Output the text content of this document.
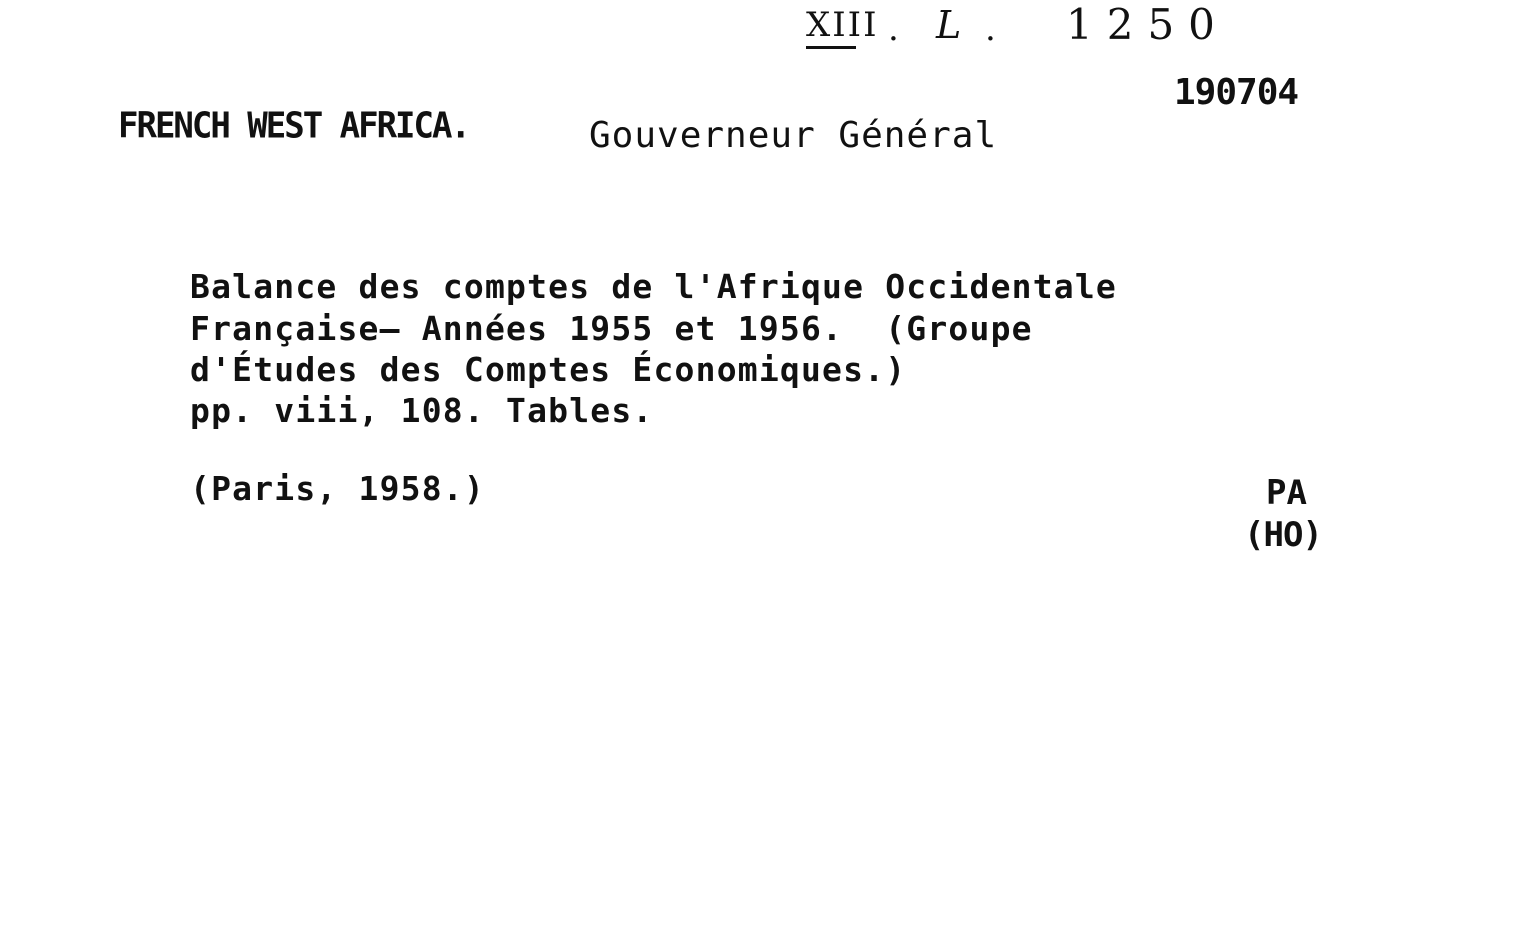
XIII . L . 1250
190704
FRENCH WEST AFRICA.	Gouverneur Général
Balance des comptes de l'Afrique Occidentale
Française— Années 1955 et 1956.  (Groupe
d'Études des Comptes Économiques.)
pp. viii, 108. Tables.
(Paris, 1958.)	PA
(HO)
